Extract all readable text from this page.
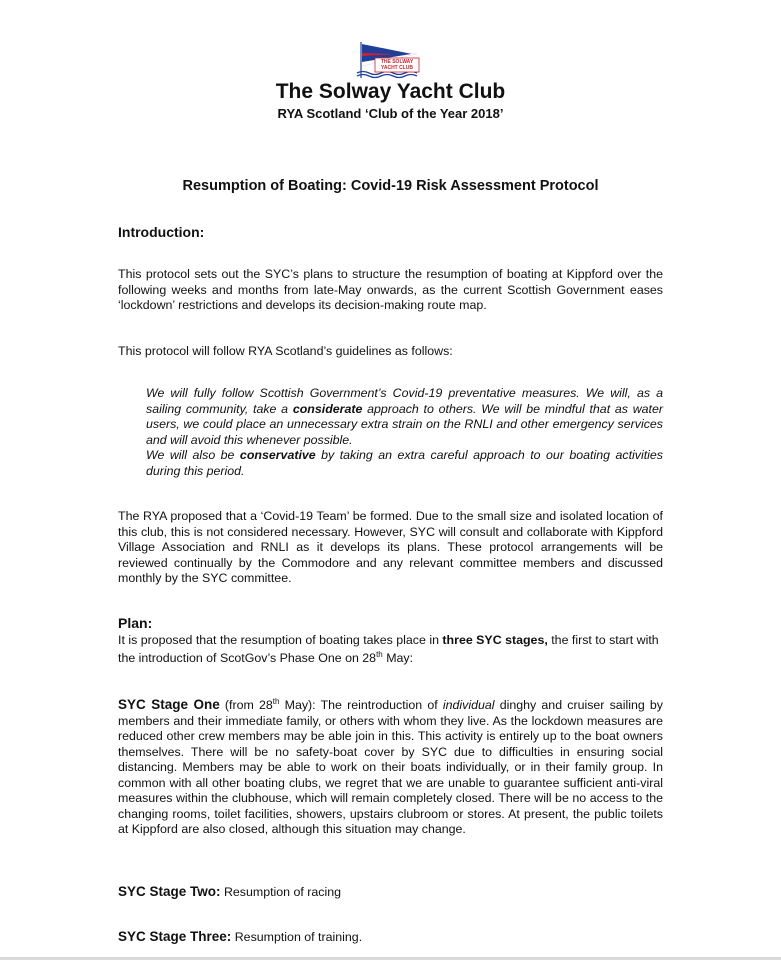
THE SOLWAY
YACHT CLUB
The Solway Yacht Club
RYA Scotland ‘Club of the Year 2018’
Resumption of Boating: Covid-19 Risk Assessment Protocol
Introduction:
This protocol sets out the SYC’s plans to structure the resumption of boating at Kippford over the following weeks and months from late-May onwards, as the current Scottish Government eases ‘lockdown’ restrictions and develops its decision-making route map.
This protocol will follow RYA Scotland’s guidelines as follows:

We will fully follow Scottish Government’s Covid-19 preventative measures. We will, as a sailing community, take a considerate approach to others. We will be mindful that as water users, we could place an unnecessary extra strain on the RNLI and other emergency services and will avoid this whenever possible.

We will also be conservative by taking an extra careful approach to our boating activities during this period.

The RYA proposed that a ‘Covid-19 Team’ be formed. Due to the small size and isolated location of this club, this is not considered necessary. However, SYC will consult and collaborate with Kippford Village Association and RNLI as it develops its plans. These protocol arrangements will be reviewed continually by the Commodore and any relevant committee members and discussed monthly by the SYC committee.
Plan:
It is proposed that the resumption of boating takes place in three SYC stages, the first to start with the introduction of ScotGov’s Phase One on 28th May:
SYC Stage One (from 28th May): The reintroduction of individual dinghy and cruiser sailing by members and their immediate family, or others with whom they live. As the lockdown measures are reduced other crew members may be able join in this. This activity is entirely up to the boat owners themselves. There will be no safety-boat cover by SYC due to difficulties in ensuring social distancing. Members may be able to work on their boats individually, or in their family group. In common with all other boating clubs, we regret that we are unable to guarantee sufficient anti-viral measures within the clubhouse, which will remain completely closed. There will be no access to the changing rooms, toilet facilities, showers, upstairs clubroom or stores. At present, the public toilets at Kippford are also closed, although this situation may change.
SYC Stage Two: Resumption of racing
SYC Stage Three: Resumption of training.
